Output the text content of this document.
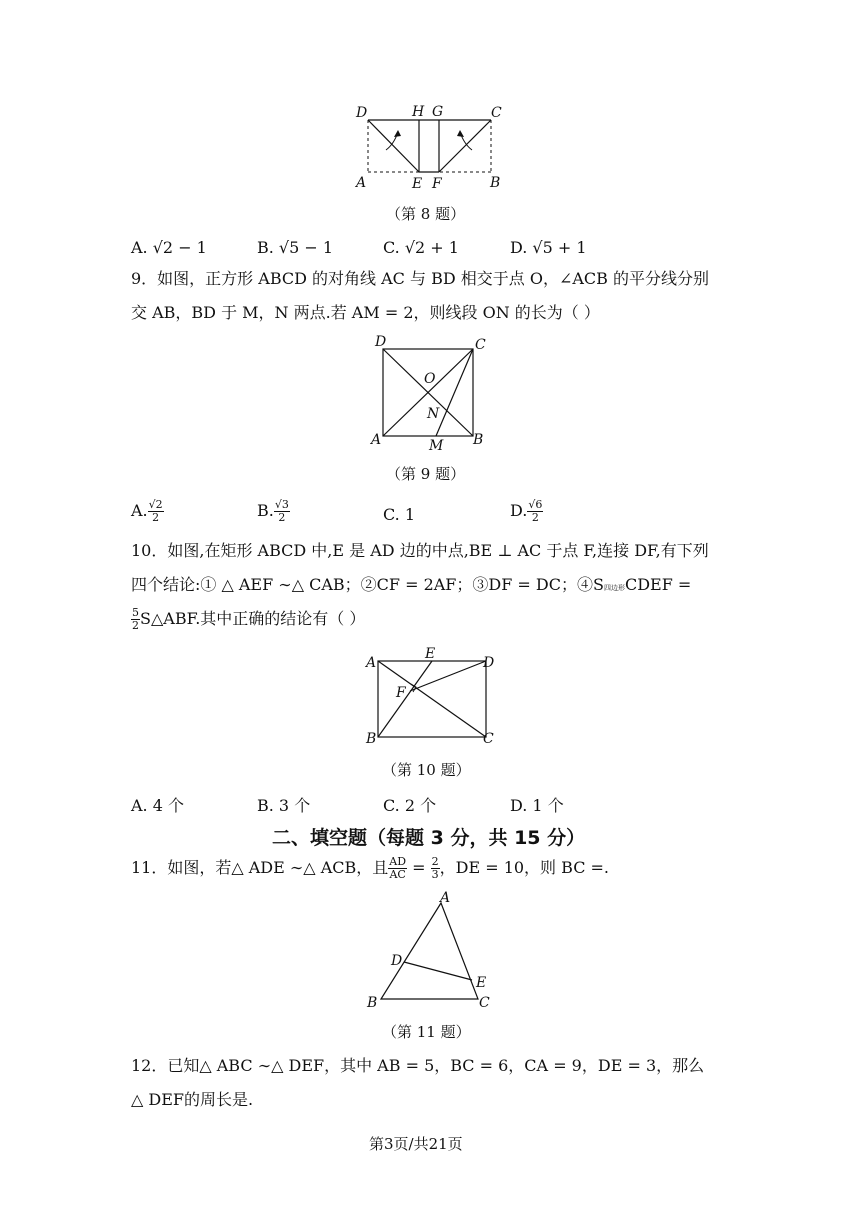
D	H G	C
A	E F	B
（第 8 题）
A. √2 − 1	B. √5 − 1	C. √2 + 1	D. √5 + 1
9．如图，正方形 ABCD 的对角线 AC 与 BD 相交于点 O，∠ACB 的平分线分别
交 AB，BD 于 M，N 两点.若 AM = 2，则线段 ON 的长为（ ）
D	C
O
N
A	M B
（第 9 题）
A. $\frac{√2}{2}$	B. $\frac{√3}{2}$	C. 1	D. $\frac{√6}{2}$
10．如图,在矩形 ABCD 中,E 是 AD 边的中点,BE ⊥ AC 于点 F,连接 DF,有下列
四个结论:① △ AEF ∼△ CAB；②CF = 2AF；③DF = DC；④S四边形CDEF =
$\frac{5}{2}$ S△ABF.其中正确的结论有（ ）
A
E
D
F
B	C
（第 10 题）
A. 4 个	B. 3 个	C. 2 个	D. 1 个
二、填空题（每题 3 分，共 15 分）
11．如图，若△ ADE ∼△ ACB，且 $\frac{AD}{AC} = \frac{2}{3}$ ，DE = 10，则 BC =.
A
D
E
B	C
（第 11 题）
12．已知△ ABC ∼△ DEF，其中 AB = 5，BC = 6，CA = 9，DE = 3，那么
△ DEF的周长是.
第3页/共21页
